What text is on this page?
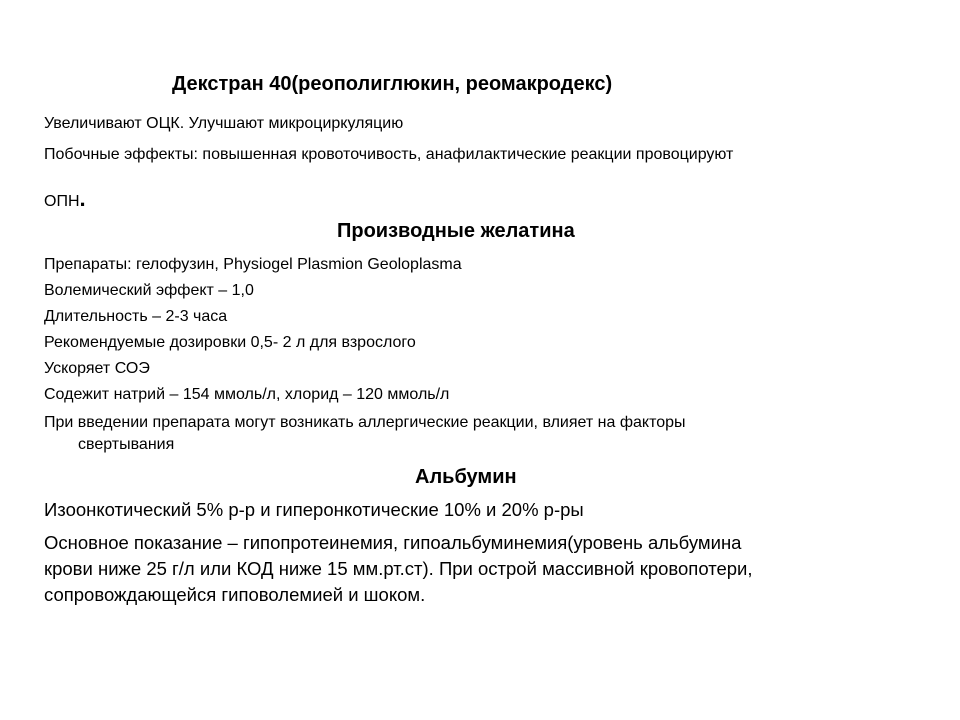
Декстран 40(реополиглюкин, реомакродекс)
Увеличивают ОЦК. Улучшают микроциркуляцию
Побочные эффекты: повышенная кровоточивость, анафилактические реакции провоцируют
ОПН.
Производные желатина
Препараты: гелофузин, Physiogel Plasmion Geoloplasma
Волемический эффект – 1,0
Длительность – 2-3 часа
Рекомендуемые дозировки 0,5- 2 л для взрослого
Ускоряет СОЭ
Содежит натрий – 154 ммоль/л, хлорид – 120 ммоль/л
При введении препарата могут возникать аллергические реакции, влияет на факторы
свертывания
Альбумин
Изоонкотический 5% р-р и гиперонкотические 10% и 20% р-ры
Основное показание – гипопротеинемия, гипоальбуминемия(уровень альбумина
крови ниже 25 г/л или КОД ниже 15 мм.рт.ст). При острой массивной кровопотери,
сопровождающейся гиповолемией и шоком.
